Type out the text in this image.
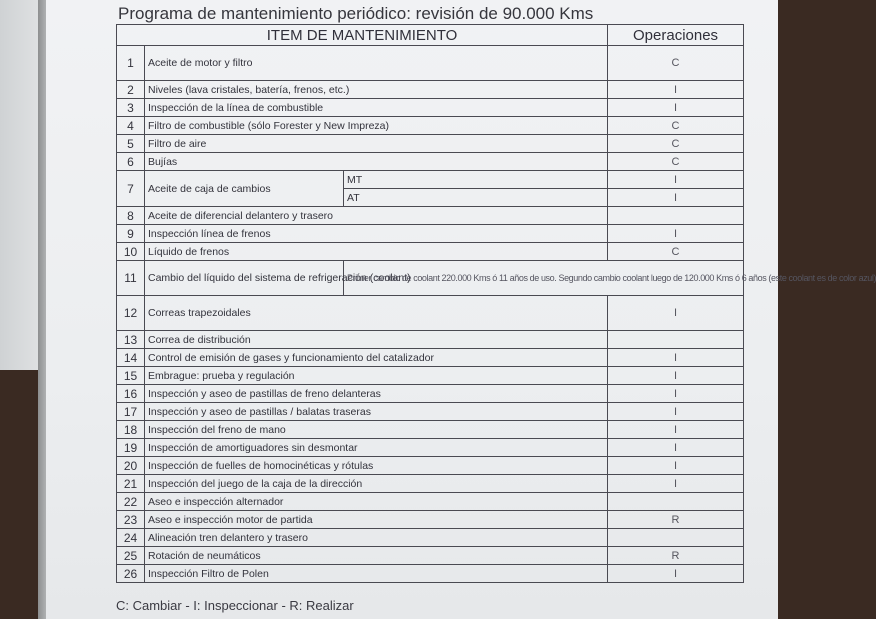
Programa de mantenimiento periódico: revisión de 90.000 Kms
ITEM DE MANTENIMIENTO			Operaciones
1	Aceite de motor y filtro		C
2	Niveles (lava cristales, batería, frenos, etc.)		I
3	Inspección de la línea de combustible		I
4	Filtro de combustible (sólo Forester y New Impreza)		C
5	Filtro de aire		C
6	Bujías		C
7	Aceite de caja de cambios	MT	I
		AT	I
8	Aceite de diferencial delantero y trasero		
9	Inspección línea de frenos		I
10	Líquido de frenos		C
11	Cambio del líquido del sistema de refrigeración (coolant)	Primer cambio de coolant 220.000 Kms ó 11 años de uso. Segundo cambio coolant luego de 120.000 Kms ó 6 años (este coolant es de color azul)	
12	Correas trapezoidales		I
13	Correa de distribución		
14	Control de emisión de gases y funcionamiento del catalizador		I
15	Embrague: prueba y regulación		I
16	Inspección y aseo de pastillas de freno delanteras		I
17	Inspección y aseo de pastillas / balatas traseras		I
18	Inspección del freno de mano		I
19	Inspección de amortiguadores sin desmontar		I
20	Inspección de fuelles de homocinéticas y rótulas		I
21	Inspección del juego de la caja de la dirección		I
22	Aseo e inspección alternador		
23	Aseo e inspección motor de partida		R
24	Alineación tren delantero y trasero		
25	Rotación de neumáticos		R
26	Inspección Filtro de Polen		I
C: Cambiar - I: Inspeccionar - R: Realizar
